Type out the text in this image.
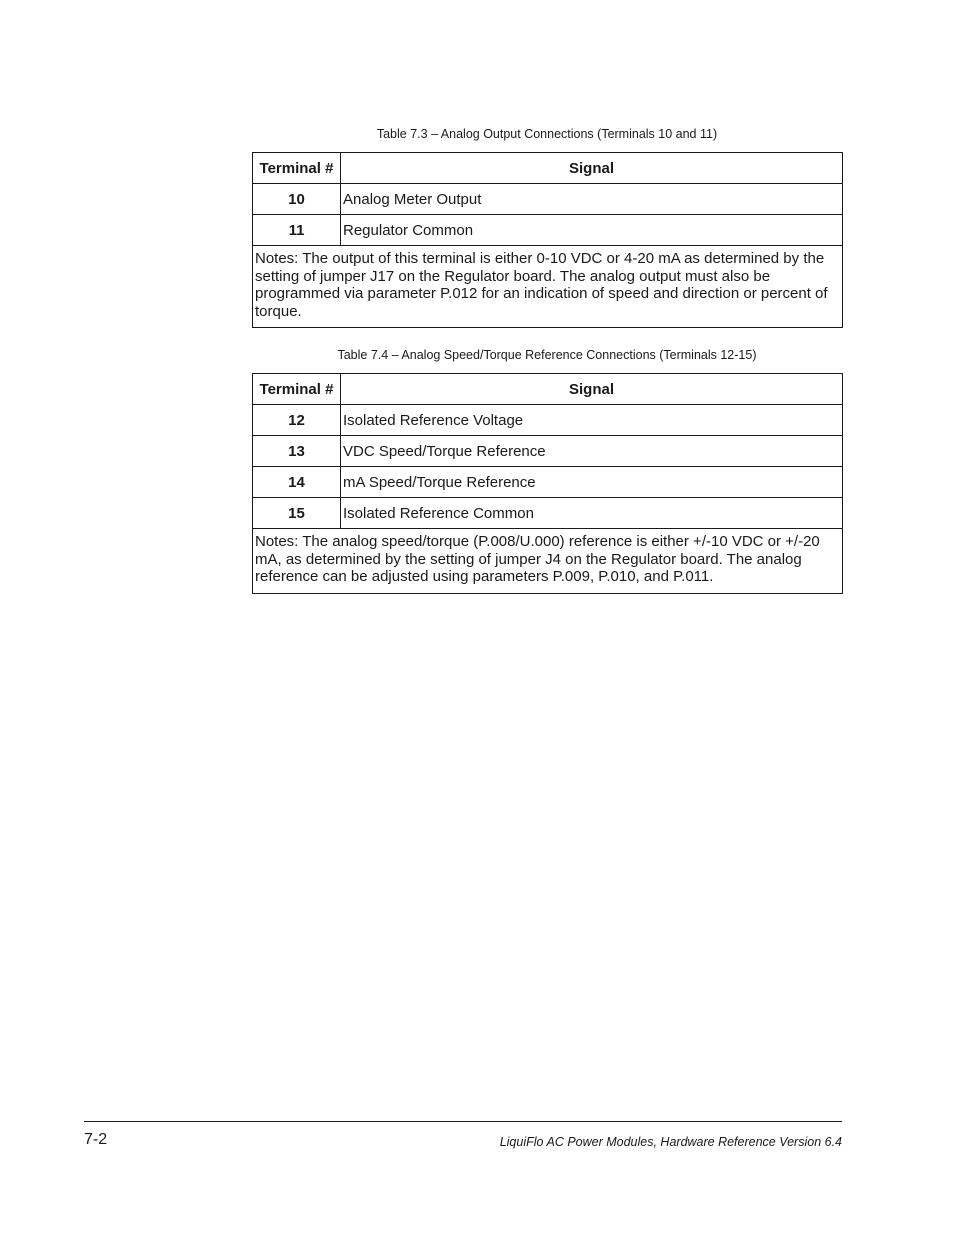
Table 7.3 – Analog Output Connections (Terminals 10 and 11)
Terminal #	Signal
10	Analog Meter Output
11	Regulator Common
Notes: The output of this terminal is either 0-10 VDC or 4-20 mA as determined by the setting of jumper J17 on the Regulator board. The analog output must also be programmed via parameter P.012 for an indication of speed and direction or percent of torque.	
Table 7.4 – Analog Speed/Torque Reference Connections (Terminals 12-15)
Terminal #	Signal
12	Isolated Reference Voltage
13	VDC Speed/Torque Reference
14	mA Speed/Torque Reference
15	Isolated Reference Common
Notes: The analog speed/torque (P.008/U.000) reference is either +/-10 VDC or +/-20 mA, as determined by the setting of jumper J4 on the Regulator board. The analog reference can be adjusted using parameters P.009, P.010, and P.011.	
7-2	LiquiFlo AC Power Modules, Hardware Reference Version 6.4
